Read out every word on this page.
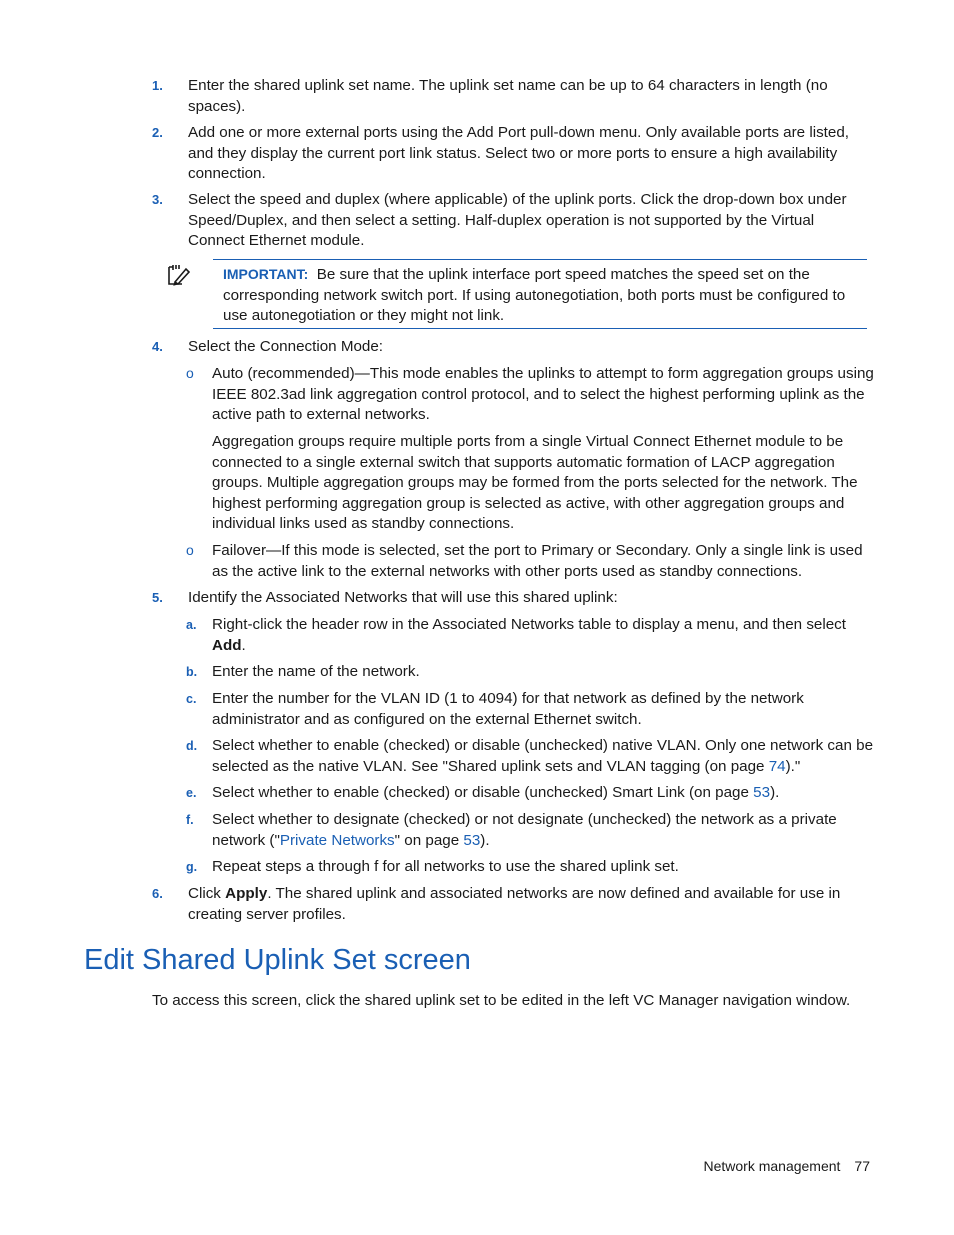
1. Enter the shared uplink set name. The uplink set name can be up to 64 characters in length (no spaces).
2. Add one or more external ports using the Add Port pull-down menu. Only available ports are listed, and they display the current port link status. Select two or more ports to ensure a high availability connection.
3. Select the speed and duplex (where applicable) of the uplink ports. Click the drop-down box under Speed/Duplex, and then select a setting. Half-duplex operation is not supported by the Virtual Connect Ethernet module.
IMPORTANT: Be sure that the uplink interface port speed matches the speed set on the corresponding network switch port. If using autonegotiation, both ports must be configured to use autonegotiation or they might not link.
4. Select the Connection Mode:
o Auto (recommended)—This mode enables the uplinks to attempt to form aggregation groups using IEEE 802.3ad link aggregation control protocol, and to select the highest performing uplink as the active path to external networks.
Aggregation groups require multiple ports from a single Virtual Connect Ethernet module to be connected to a single external switch that supports automatic formation of LACP aggregation groups. Multiple aggregation groups may be formed from the ports selected for the network. The highest performing aggregation group is selected as active, with other aggregation groups and individual links used as standby connections.
o Failover—If this mode is selected, set the port to Primary or Secondary. Only a single link is used as the active link to the external networks with other ports used as standby connections.
5. Identify the Associated Networks that will use this shared uplink:
a. Right-click the header row in the Associated Networks table to display a menu, and then select Add.
b. Enter the name of the network.
c. Enter the number for the VLAN ID (1 to 4094) for that network as defined by the network administrator and as configured on the external Ethernet switch.
d. Select whether to enable (checked) or disable (unchecked) native VLAN. Only one network can be selected as the native VLAN. See "Shared uplink sets and VLAN tagging (on page 74)."
e. Select whether to enable (checked) or disable (unchecked) Smart Link (on page 53).
f. Select whether to designate (checked) or not designate (unchecked) the network as a private network ("Private Networks" on page 53).
g. Repeat steps a through f for all networks to use the shared uplink set.
6. Click Apply. The shared uplink and associated networks are now defined and available for use in creating server profiles.
Edit Shared Uplink Set screen
To access this screen, click the shared uplink set to be edited in the left VC Manager navigation window.
Network management 77
